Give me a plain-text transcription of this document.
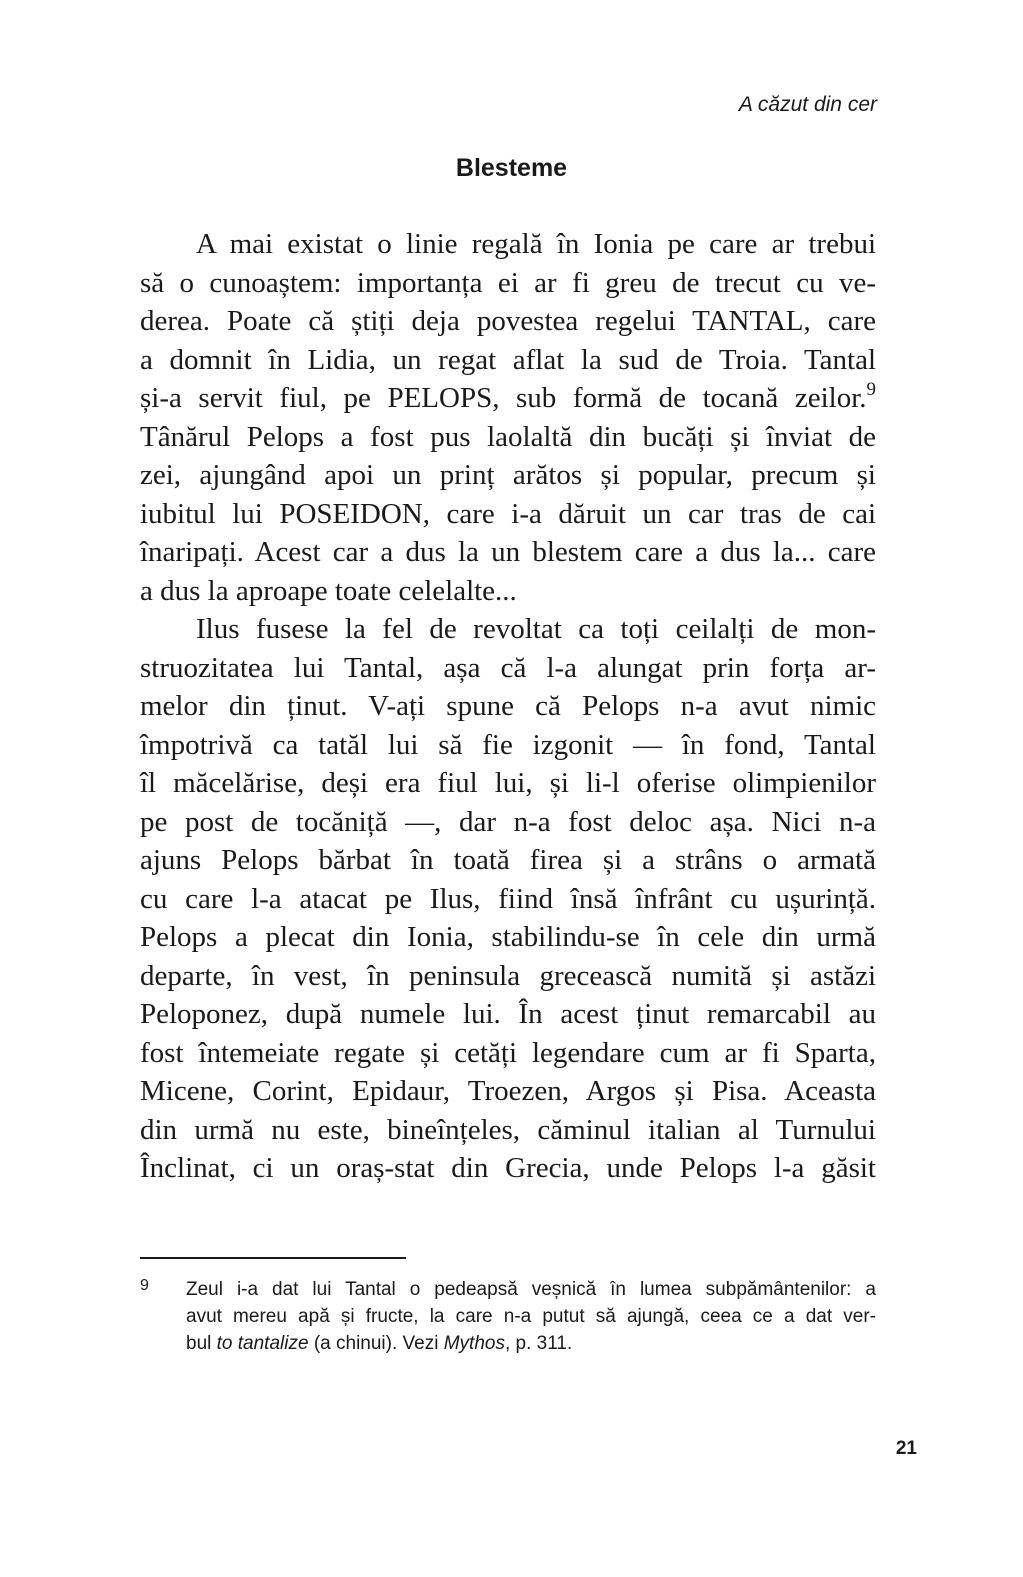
A căzut din cer
Blesteme
A mai existat o linie regală în Ionia pe care ar trebui
să o cunoaștem: importanța ei ar fi greu de trecut cu ve-
derea. Poate că știți deja povestea regelui TANTAL, care
a domnit în Lidia, un regat aflat la sud de Troia. Tantal
și-a servit fiul, pe PELOPS, sub formă de tocană zeilor.$^9$
Tânărul Pelops a fost pus laolaltă din bucăți și înviat de
zei, ajungând apoi un prinț arătos și popular, precum și
iubitul lui POSEIDON, care i-a dăruit un car tras de cai
înaripați. Acest car a dus la un blestem care a dus la... care
a dus la aproape toate celelalte...
Ilus fusese la fel de revoltat ca toți ceilalți de mon-
struozitatea lui Tantal, așa că l-a alungat prin forța ar-
melor din ținut. V-ați spune că Pelops n-a avut nimic
împotrivă ca tatăl lui să fie izgonit — în fond, Tantal
îl măcelărise, deși era fiul lui, și li-l oferise olimpienilor
pe post de tocăniță —, dar n-a fost deloc așa. Nici n-a
ajuns Pelops bărbat în toată firea și a strâns o armată
cu care l-a atacat pe Ilus, fiind însă înfrânt cu ușurință.
Pelops a plecat din Ionia, stabilindu-se în cele din urmă
departe, în vest, în peninsula grecească numită și astăzi
Peloponez, după numele lui. În acest ținut remarcabil au
fost întemeiate regate și cetăți legendare cum ar fi Sparta,
Micene, Corint, Epidaur, Troezen, Argos și Pisa. Aceasta
din urmă nu este, bineînțeles, căminul italian al Turnului
Înclinat, ci un oraș-stat din Grecia, unde Pelops l-a găsit
9 Zeul i-a dat lui Tantal o pedeapsă veșnică în lumea subpământenilor: a
avut mereu apă și fructe, la care n-a putut să ajungă, ceea ce a dat ver-
bul to tantalize (a chinui). Vezi Mythos, p. 311.
21
